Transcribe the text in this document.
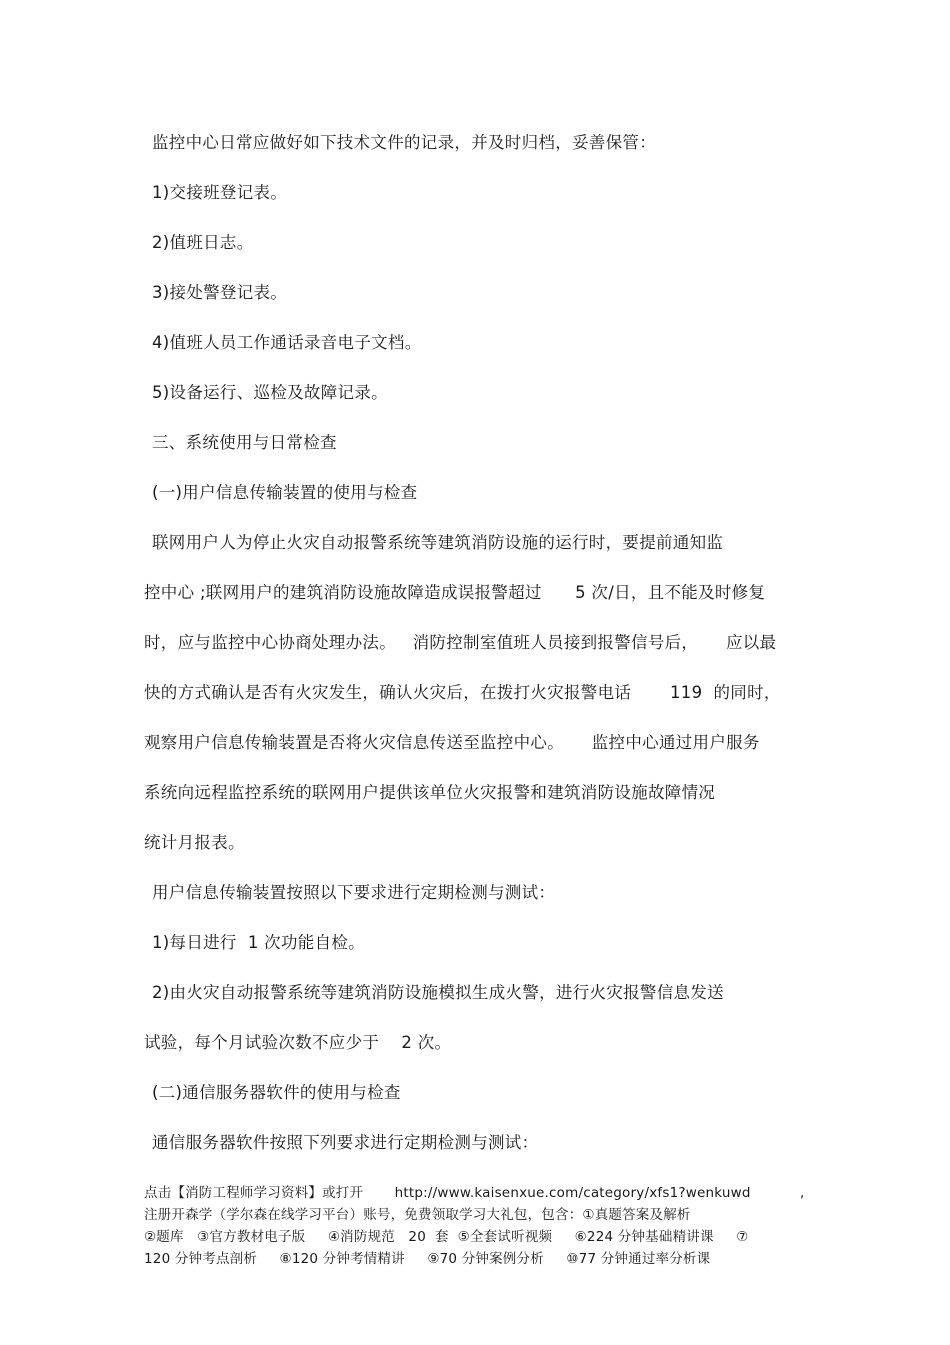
监控中心日常应做好如下技术文件的记录，并及时归档，妥善保管：

1)交接班登记表。

2)值班日志。

3)接处警登记表。

4)值班人员工作通话录音电子文档。

5)设备运行、巡检及故障记录。

三、系统使用与日常检查

(一)用户信息传输装置的使用与检查

联网用户人为停止火灾自动报警系统等建筑消防设施的运行时，要提前通知监

控中心 ;联网用户的建筑消防设施故障造成误报警超过      5 次/日，且不能及时修复

时，应与监控中心协商处理办法。   消防控制室值班人员接到报警信号后，     应以最

快的方式确认是否有火灾发生，确认火灾后，在拨打火灾报警电话       119  的同时，

观察用户信息传输装置是否将火灾信息传送至监控中心。     监控中心通过用户服务

系统向远程监控系统的联网用户提供该单位火灾报警和建筑消防设施故障情况

统计月报表。

用户信息传输装置按照以下要求进行定期检测与测试：

1)每日进行  1 次功能自检。

2)由火灾自动报警系统等建筑消防设施模拟生成火警，进行火灾报警信息发送

试验，每个月试验次数不应少于    2 次。

(二)通信服务器软件的使用与检查

通信服务器软件按照下列要求进行定期检测与测试：

点击【消防工程师学习资料】或打开       http://www.kaisenxue.com/category/xfs1?wenkuwd           ,

注册开森学（学尔森在线学习平台）账号，免费领取学习大礼包，包含：①真题答案及解析

②题库   ③官方教材电子版     ④消防规范   20  套  ⑤全套试听视频     ⑥224 分钟基础精讲课     ⑦

120 分钟考点剖析     ⑧120 分钟考情精讲     ⑨70 分钟案例分析     ⑩77 分钟通过率分析课
